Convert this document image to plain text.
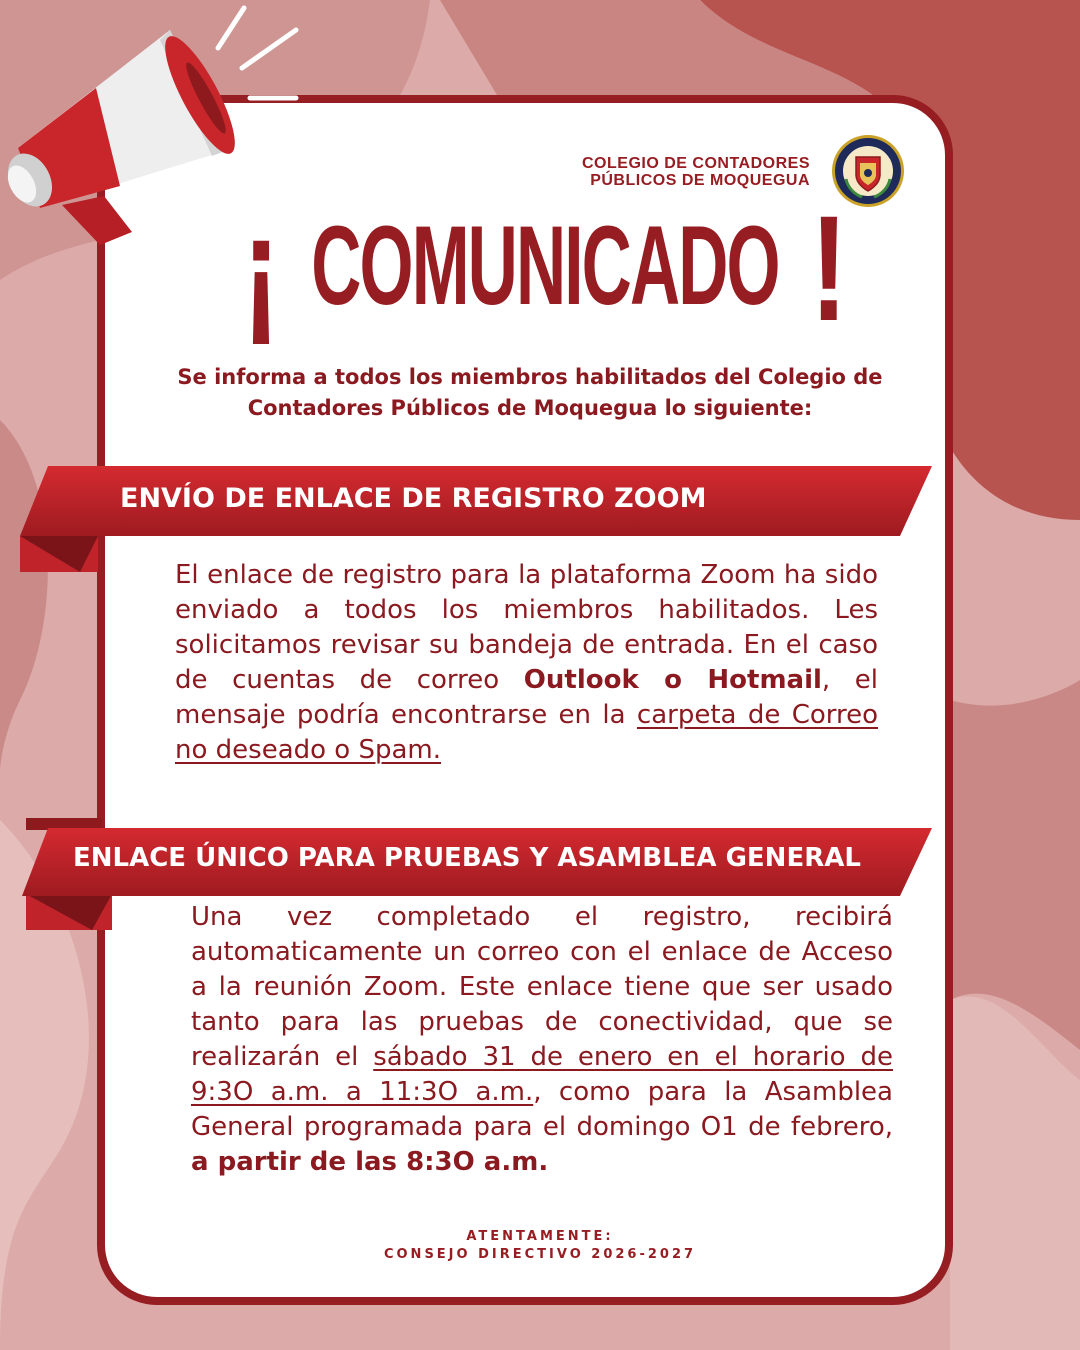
COLEGIO DE CONTADORES
PÚBLICOS DE MOQUEGUA
¡ COMUNICADO !
Se informa a todos los miembros habilitados del Colegio de
Contadores Públicos de Moquegua lo siguiente:
ENVÍO DE ENLACE DE REGISTRO ZOOM
El enlace de registro para la plataforma Zoom ha sido enviado a todos los miembros habilitados. Les solicitamos revisar su bandeja de entrada. En el caso de cuentas de correo Outlook o Hotmail, el mensaje podría encontrarse en la carpeta de Correo no deseado o Spam.
ENLACE ÚNICO PARA PRUEBAS Y ASAMBLEA GENERAL
Una vez completado el registro, recibirá automaticamente un correo con el enlace de Acceso a la reunión Zoom. Este enlace tiene que ser usado tanto para las pruebas de conectividad, que se realizarán el sábado 31 de enero en el horario de 9:3O a.m. a 11:3O a.m., como para la Asamblea General programada para el domingo O1 de febrero, a partir de las 8:3O a.m.
ATENTAMENTE:
CONSEJO DIRECTIVO 2026-2027
